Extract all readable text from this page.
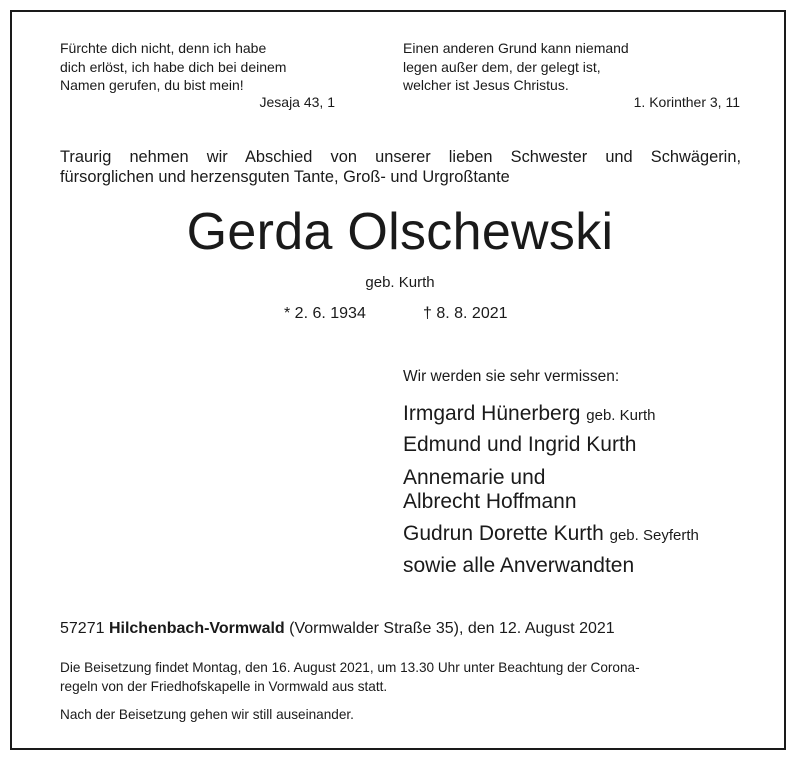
Fürchte dich nicht, denn ich habe
dich erlöst, ich habe dich bei deinem
Namen gerufen, du bist mein!
Jesaja 43, 1
Einen anderen Grund kann niemand
legen außer dem, der gelegt ist,
welcher ist Jesus Christus.
1. Korinther 3, 11
Traurig nehmen wir Abschied von unserer lieben Schwester und Schwägerin,
fürsorglichen und herzensguten Tante, Groß- und Urgroßtante
Gerda Olschewski
geb. Kurth
* 2. 6. 1934	† 8. 8. 2021
Wir werden sie sehr vermissen:
Irmgard Hünerberg geb. Kurth
Edmund und Ingrid Kurth
Annemarie und
Albrecht Hoffmann
Gudrun Dorette Kurth geb. Seyferth
sowie alle Anverwandten
57271 Hilchenbach-Vormwald (Vormwalder Straße 35), den 12. August 2021
Die Beisetzung findet Montag, den 16. August 2021, um 13.30 Uhr unter Beachtung der Corona-
regeln von der Friedhofskapelle in Vormwald aus statt.
Nach der Beisetzung gehen wir still auseinander.
